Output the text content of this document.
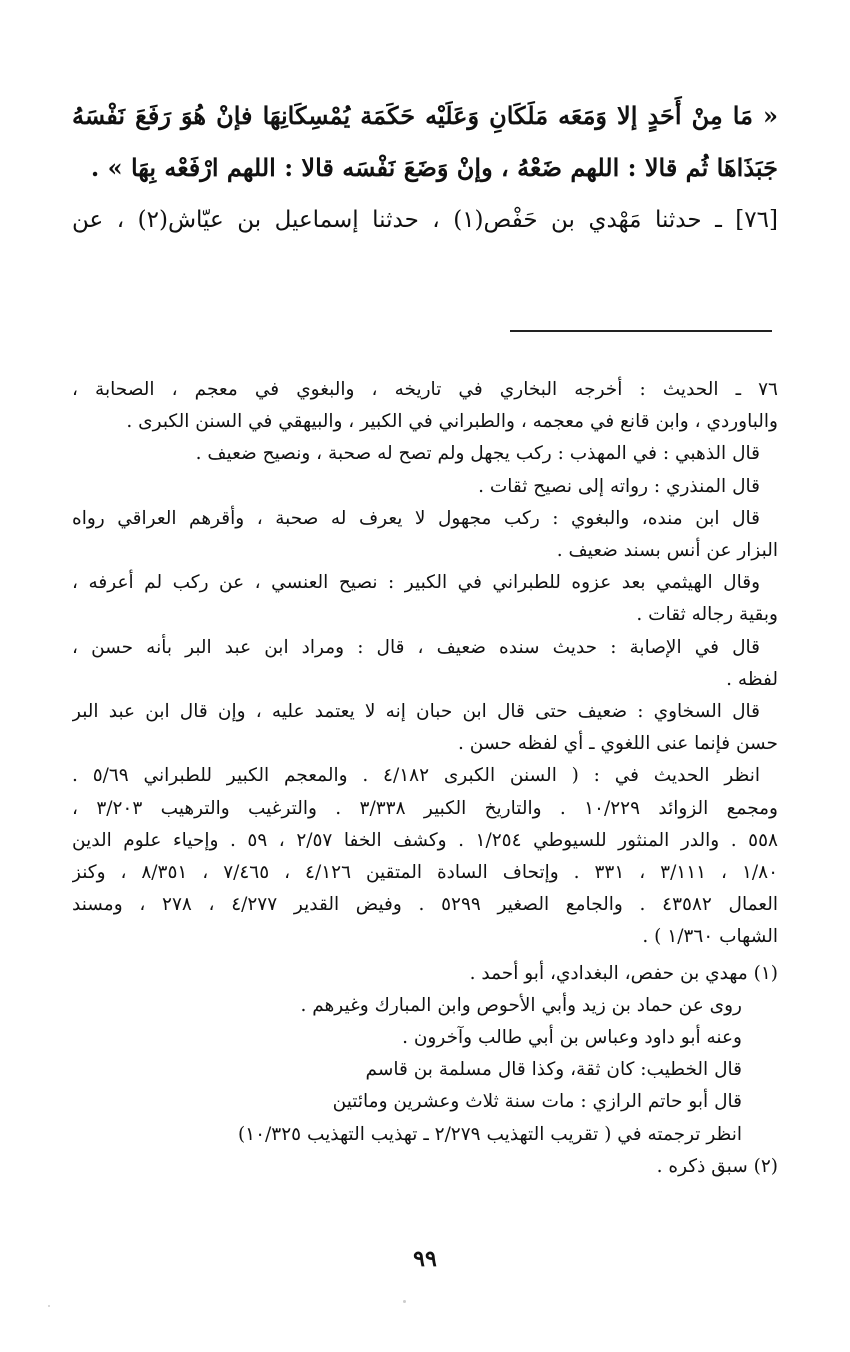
« مَا مِنْ أَحَدٍ إلا وَمَعَه مَلَكَانِ وَعَلَيْه حَكَمَة يُمْسِكَانِهَا فإنْ هُوَ رَفَعَ نَفْسَهُ
جَبَذَاهَا ثُم قالا : اللهم ضَعْهُ ، وإنْ وَضَعَ نَفْسَه قالا : اللهم ارْفَعْه بِهَا » .
[٧٦] ـ حدثنا مَهْدي بن حَفْص(١) ، حدثنا إسماعيل بن عيّاش(٢) ، عن
٧٦ ـ الحديث : أخرجه البخاري في تاريخه ، والبغوي في معجم ، الصحابة ،
والباوردي ، وابن قانع في معجمه ، والطبراني في الكبير ، والبيهقي في السنن الكبرى .
قال الذهبي : في المهذب : ركب يجهل ولم تصح له صحبة ، ونصيح ضعيف .
قال المنذري : رواته إلى نصيح ثقات .
قال ابن منده، والبغوي : ركب مجهول لا يعرف له صحبة ، وأقرهم العراقي رواه
البزار عن أنس بسند ضعيف .
وقال الهيثمي بعد عزوه للطبراني في الكبير : نصيح العنسي ، عن ركب لم أعرفه ،
وبقية رجاله ثقات .
قال في الإصابة : حديث سنده ضعيف ، قال : ومراد ابن عبد البر بأنه حسن ،
لفظه .
قال السخاوي : ضعيف حتى قال ابن حبان إنه لا يعتمد عليه ، وإن قال ابن عبد البر
حسن فإنما عنى اللغوي ـ أي لفظه حسن .
انظر الحديث في : ( السنن الكبرى ٤/١٨٢ . والمعجم الكبير للطبراني ٥/٦٩ .
ومجمع الزوائد ١٠/٢٢٩ . والتاريخ الكبير ٣/٣٣٨ . والترغيب والترهيب ٣/٢٠٣ ،
٥٥٨ . والدر المنثور للسيوطي ١/٢٥٤ . وكشف الخفا ٢/٥٧ ، ٥٩ . وإحياء علوم الدين
١/٨٠ ، ٣/١١١ ، ٣٣١ . وإتحاف السادة المتقين ٤/١٢٦ ، ٧/٤٦٥ ، ٨/٣٥١ ، وكنز
العمال ٤٣٥٨٢ . والجامع الصغير ٥٢٩٩ . وفيض القدير ٤/٢٧٧ ، ٢٧٨ ، ومسند
الشهاب ١/٣٦٠ ) .
(١) مهدي بن حفص، البغدادي، أبو أحمد .
روى عن حماد بن زيد وأبي الأحوص وابن المبارك وغيرهم .
وعنه أبو داود وعباس بن أبي طالب وآخرون .
قال الخطيب: كان ثقة، وكذا قال مسلمة بن قاسم
قال أبو حاتم الرازي : مات سنة ثلاث وعشرين ومائتين
انظر ترجمته في ( تقريب التهذيب ٢/٢٧٩ ـ تهذيب التهذيب ١٠/٣٢٥)
(٢) سبق ذكره .
٩٩
